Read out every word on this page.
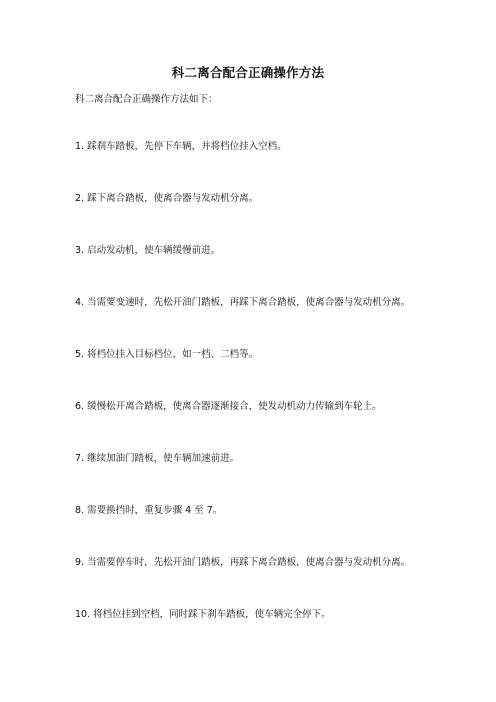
科二离合配合正确操作方法

科二离合配合正确操作方法如下：

1. 踩刹车踏板，先停下车辆，并将档位挂入空档。
2. 踩下离合踏板，使离合器与发动机分离。
3. 启动发动机，使车辆缓慢前进。
4. 当需要变速时，先松开油门踏板，再踩下离合踏板，使离合器与发动机分离。
5. 将档位挂入目标档位，如一档、二档等。
6. 缓慢松开离合踏板，使离合器逐渐接合，使发动机动力传输到车轮上。
7. 继续加油门踏板，使车辆加速前进。
8. 需要换挡时，重复步骤 4 至 7。
9. 当需要停车时，先松开油门踏板，再踩下离合踏板，使离合器与发动机分离。
10. 将档位挂到空档，同时踩下刹车踏板，使车辆完全停下。
